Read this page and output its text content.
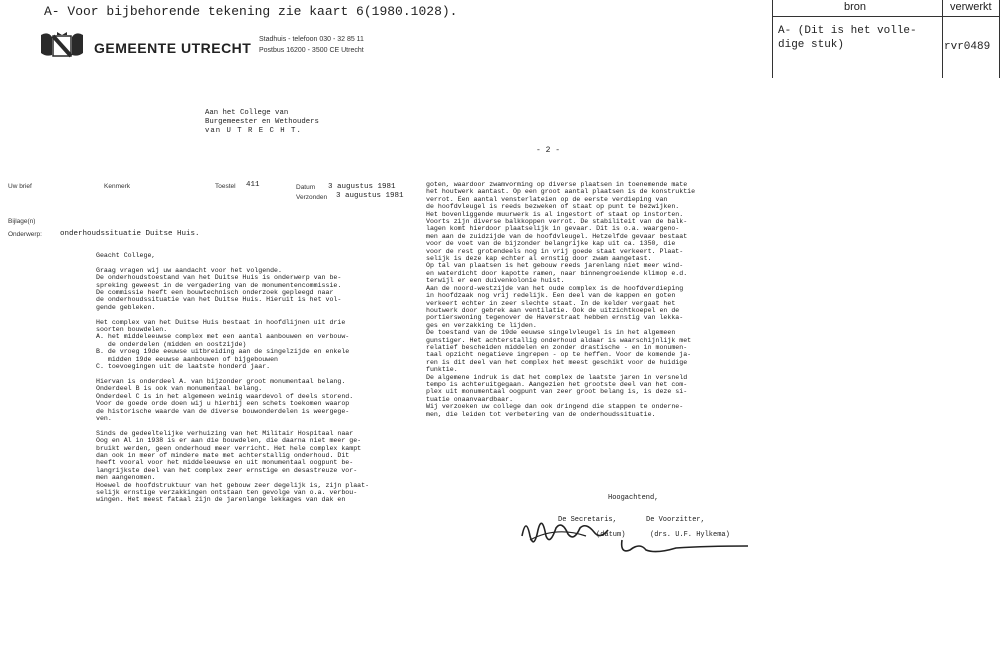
A- Voor bijbehorende tekening zie kaart 6(1980.1028).	bron	verwerkt
A- (Dit is het volle-
dige stuk)	rvr0489
GEMEENTE UTRECHT
Stadhuis - telefoon 030 - 32 85 11
Postbus 16200 - 3500 CE Utrecht
Aan het College van
Burgemeester en Wethouders
van U T R E C H T.
- 2 -
Uw brief	Kenmerk	Toestel 411	Datum 3 augustus 1981
Verzonden 3 augustus 1981
Bijlage(n)
Onderwerp: onderhoudssituatie Duitse Huis.
Geacht College,

Graag vragen wij uw aandacht voor het volgende.
De onderhoudstoestand van het Duitse Huis is onderwerp van be-
spreking geweest in de vergadering van de monumentencommissie.
De commissie heeft een bouwtechnisch onderzoek gepleegd naar
de onderhoudssituatie van het Duitse Huis. Hieruit is het vol-
gende gebleken.

Het complex van het Duitse Huis bestaat in hoofdlijnen uit drie
soorten bouwdelen.
A. het middeleeuwse complex met een aantal aanbouwen en verbouw-
de onderdelen (midden en oostzijde)
B. de vroeg 19de eeuwse uitbreiding aan de singelzijde en enkele
midden 19de eeuwse aanbouwen of bijgebouwen
C. toevoegingen uit de laatste honderd jaar.

Hiervan is onderdeel A. van bijzonder groot monumentaal belang.
Onderdeel B is ook van monumentaal belang.
Onderdeel C is in het algemeen weinig waardevol of deels storend.
Voor de goede orde doen wij u hierbij een schets toekomen waarop
de historische waarde van de diverse bouwonderdelen is weergege-
ven.

Sinds de gedeeltelijke verhuizing van het Militair Hospitaal naar
Oog en Al in 1938 is er aan die bouwdelen, die daarna niet meer ge-
bruikt werden, geen onderhoud meer verricht. Het hele complex kampt
dan ook in meer of mindere mate met achterstallig onderhoud. Dit
heeft vooral voor het middeleeuwse en uit monumentaal oogpunt be-
langrijkste deel van het complex zeer ernstige en desastreuze vor-
men aangenomen.
Hoewel de hoofdstruktuur van het gebouw zeer degelijk is, zijn plaat-
selijk ernstige verzakkingen ontstaan ten gevolge van o.a. verbou-
wingen. Het meest fataal zijn de jarenlange lekkages van dak en
goten, waardoor zwamvorming op diverse plaatsen in toenemende mate
het houtwerk aantast. Op een groot aantal plaatsen is de konstruktie
verrot. Een aantal vensterlateien op de eerste verdieping van
de hoofdvleugel is reeds bezweken of staat op punt te bezwijken.
Het bovenliggende muurwerk is al ingestort of staat op instorten.
Voorts zijn diverse balkkoppen verrot. De stabiliteit van de balk-
lagen komt hierdoor plaatselijk in gevaar. Dit is o.a. waargeno-
men aan de zuidzijde van de hoofdvleugel. Hetzelfde gevaar bestaat
voor de voet van de bijzonder belangrijke kap uit ca. 1350, die
voor de rest grotendeels nog in vrij goede staat verkeert. Plaat-
selijk is deze kap echter al ernstig door zwam aangetast.
Op tal van plaatsen is het gebouw reeds jarenlang niet meer wind-
en waterdicht door kapotte ramen, naar binnengroeiende klimop e.d.
terwijl er een duivenkolonie huist.
Aan de noord-westzijde van het oude complex is de hoofdverdieping
in hoofdzaak nog vrij redelijk. Een deel van de kappen en goten
verkeert echter in zeer slechte staat. In de kelder vergaat het
houtwerk door gebrek aan ventilatie. Ook de uitzichtkoepel en de
portierswoning tegenover de Haverstraat hebben ernstig van lekka-
ges en verzakking te lijden.
De toestand van de 19de eeuwse singelvleugel is in het algemeen
gunstiger. Het achterstallig onderhoud aldaar is waarschijnlijk met
relatief bescheiden middelen en zonder drastische - en in monumen-
taal opzicht negatieve ingrepen - op te heffen. Voor de komende ja-
ren is dit deel van het complex het meest geschikt voor de huidige
funktie.
De algemene indruk is dat het complex de laatste jaren in versneld
tempo is achteruitgegaan. Aangezien het grootste deel van het com-
plex uit monumentaal oogpunt van zeer groot belang is, is deze si-
tuatie onaanvaardbaar.
Wij verzoeken uw college dan ook dringend die stappen te onderne-
men, die leiden tot verbetering van de onderhoudssituatie.
Hoogachtend,
De Secretaris,
(datum)
De Voorzitter,
(drs. U.F. Hylkema)
